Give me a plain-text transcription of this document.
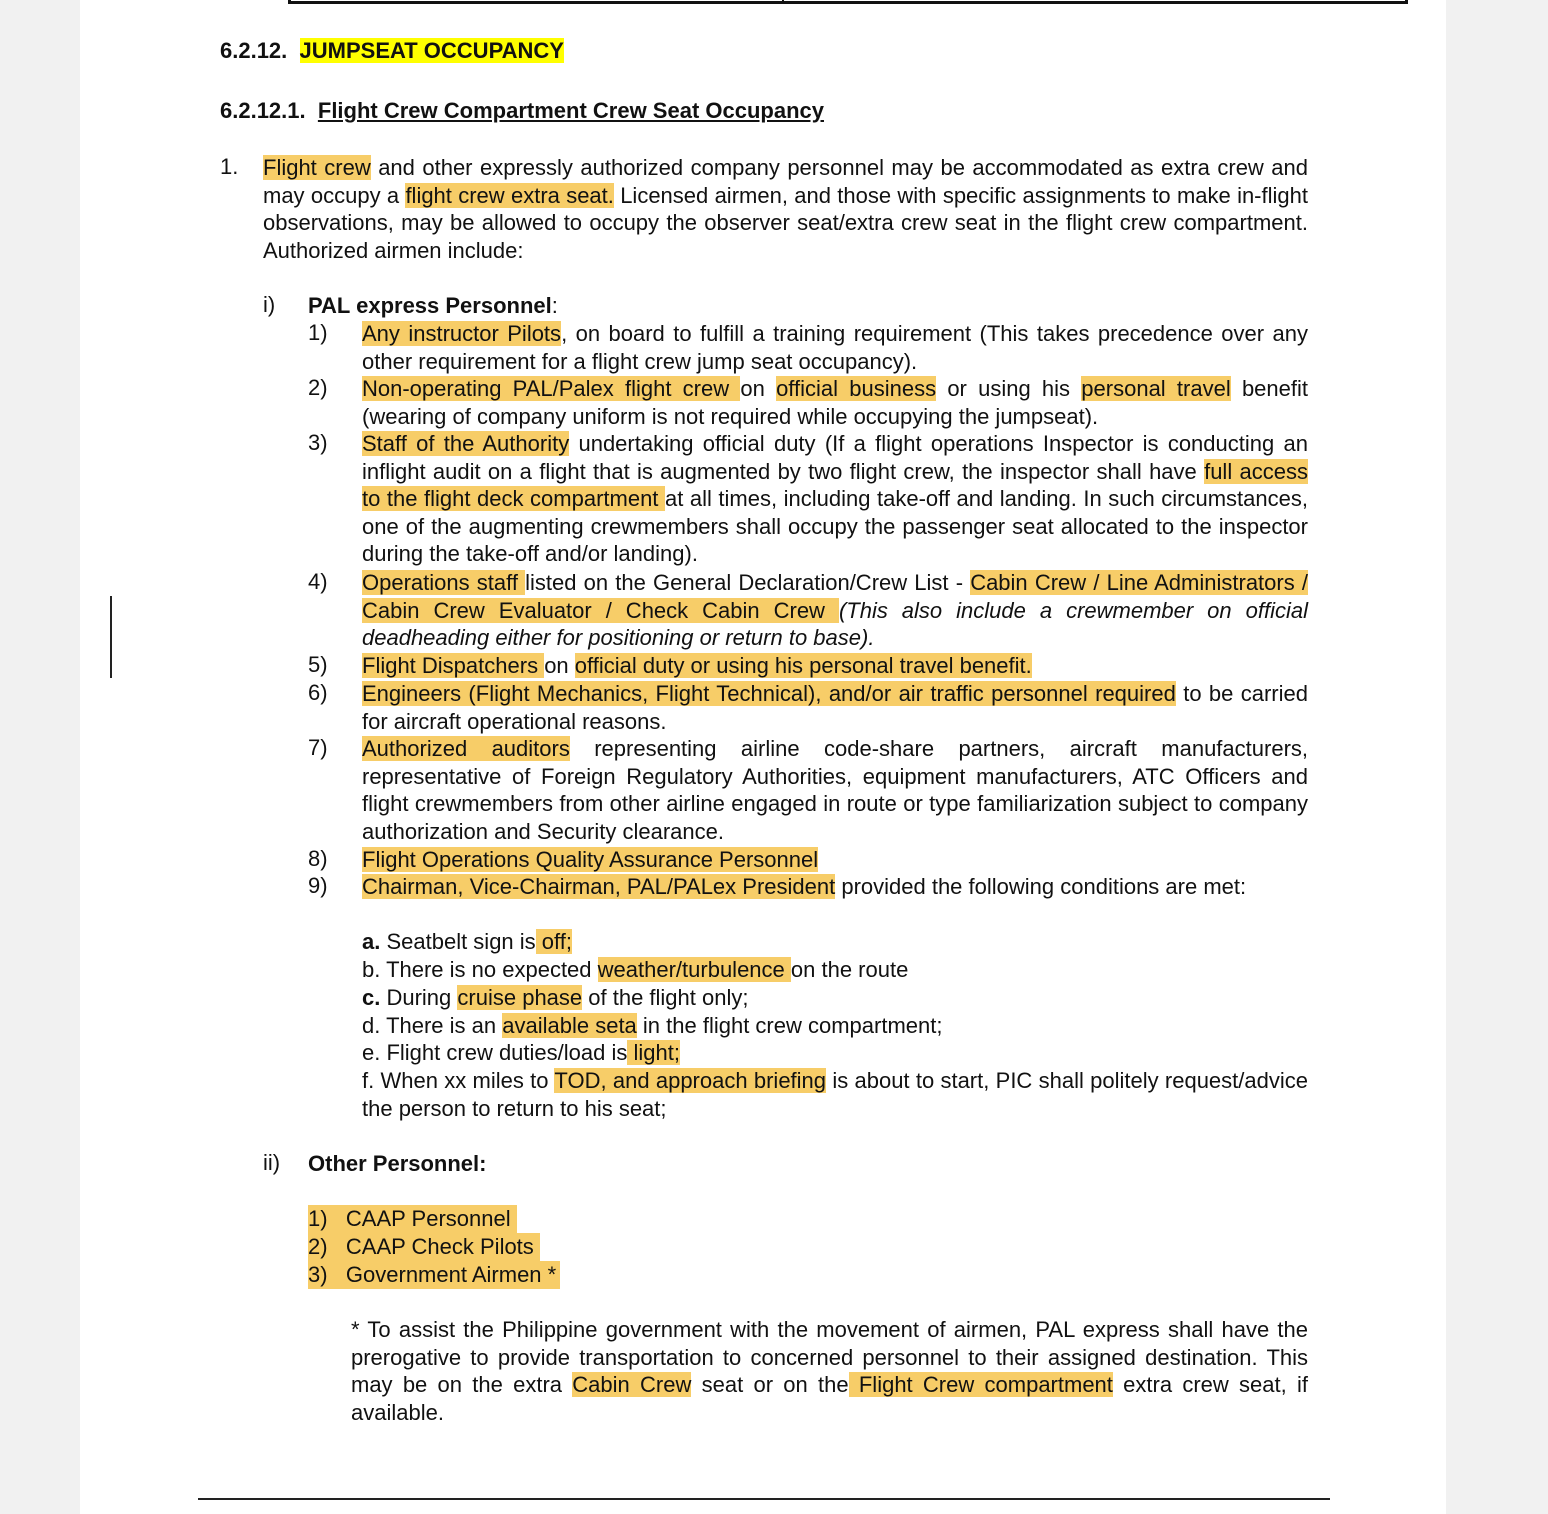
6.2.12. JUMPSEAT OCCUPANCY
6.2.12.1. Flight Crew Compartment Crew Seat Occupancy
1. Flight crew and other expressly authorized company personnel may be accommodated as extra crew and may occupy a flight crew extra seat. Licensed airmen, and those with specific assignments to make in-flight observations, may be allowed to occupy the observer seat/extra crew seat in the flight crew compartment. Authorized airmen include:
i) PAL express Personnel:
1) Any instructor Pilots, on board to fulfill a training requirement (This takes precedence over any other requirement for a flight crew jump seat occupancy).
2) Non-operating PAL/Palex flight crew on official business or using his personal travel benefit (wearing of company uniform is not required while occupying the jumpseat).
3) Staff of the Authority undertaking official duty (If a flight operations Inspector is conducting an inflight audit on a flight that is augmented by two flight crew, the inspector shall have full access to the flight deck compartment at all times, including take-off and landing. In such circumstances, one of the augmenting crewmembers shall occupy the passenger seat allocated to the inspector during the take-off and/or landing).
4) Operations staff listed on the General Declaration/Crew List - Cabin Crew / Line Administrators / Cabin Crew Evaluator / Check Cabin Crew (This also include a crewmember on official deadheading either for positioning or return to base).
5) Flight Dispatchers on official duty or using his personal travel benefit.
6) Engineers (Flight Mechanics, Flight Technical), and/or air traffic personnel required to be carried for aircraft operational reasons.
7) Authorized auditors representing airline code-share partners, aircraft manufacturers, representative of Foreign Regulatory Authorities, equipment manufacturers, ATC Officers and flight crewmembers from other airline engaged in route or type familiarization subject to company authorization and Security clearance.
8) Flight Operations Quality Assurance Personnel
9) Chairman, Vice-Chairman, PAL/PALex President provided the following conditions are met:
a. Seatbelt sign is off;
b. There is no expected weather/turbulence on the route
c. During cruise phase of the flight only;
d. There is an available seta in the flight crew compartment;
e. Flight crew duties/load is light;
f. When xx miles to TOD, and approach briefing is about to start, PIC shall politely request/advice the person to return to his seat;
ii) Other Personnel:
1) CAAP Personnel
2) CAAP Check Pilots
3) Government Airmen *
* To assist the Philippine government with the movement of airmen, PAL express shall have the prerogative to provide transportation to concerned personnel to their assigned destination. This may be on the extra Cabin Crew seat or on the Flight Crew compartment extra crew seat, if available.
